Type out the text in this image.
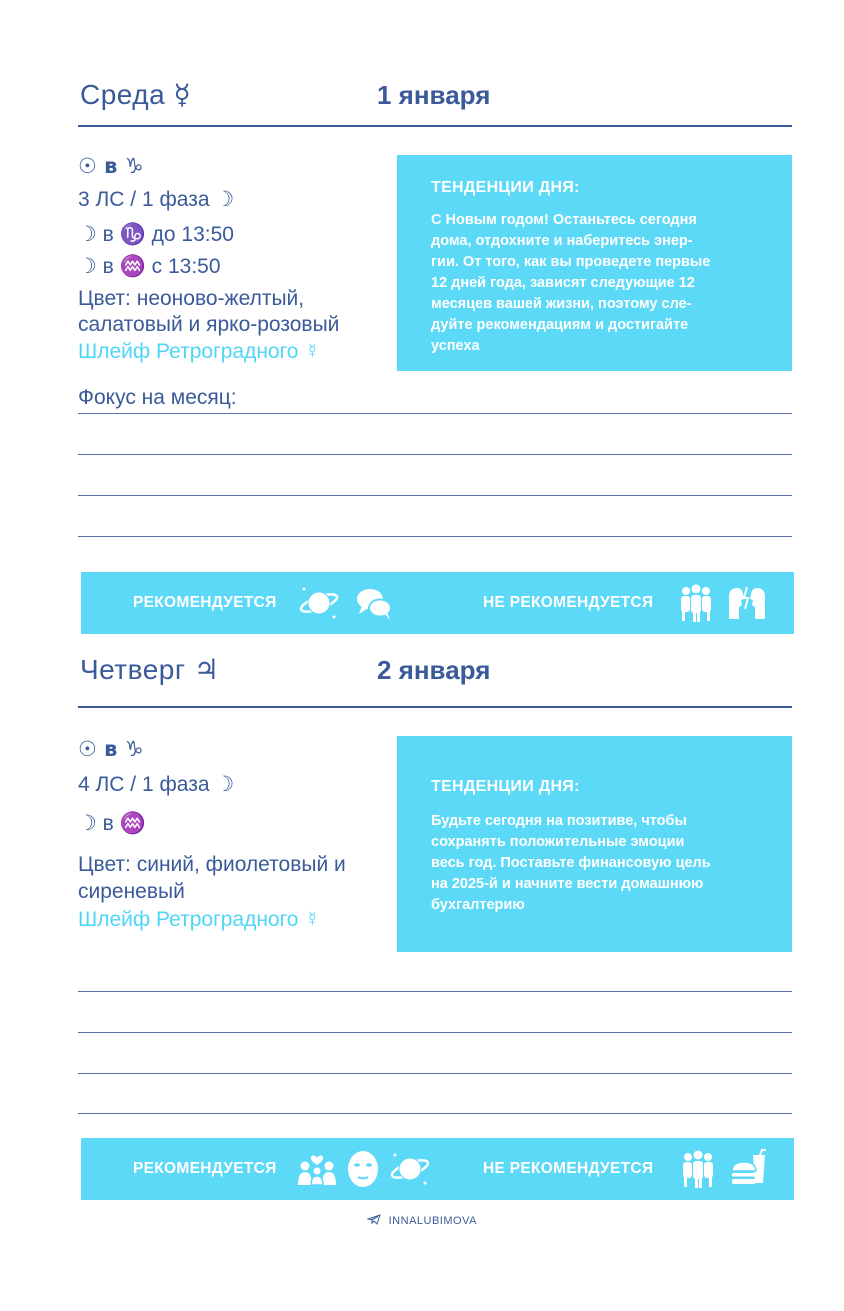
Среда ☿	1 января
☉ в ♑
3 ЛС / 1 фаза ☽
☽ в ♑ до 13:50
☽ в ♒ с 13:50
Цвет: неоново-желтый,
салатовый и ярко-розовый
Шлейф Ретроградного ☿
Фокус на месяц:
ТЕНДЕНЦИИ ДНЯ:
С Новым годом! Останьтесь сегодня
дома, отдохните и наберитесь энер-
гии. От того, как вы проведете первые
12 дней года, зависят следующие 12
месяцев вашей жизни, поэтому сле-
дуйте рекомендациям и достигайте
успеха
РЕКОМЕНДУЕТСЯ	НЕ РЕКОМЕНДУЕТСЯ
Четверг ♃	2 января
☉ в ♑
4 ЛС / 1 фаза ☽
☽ в ♒
Цвет: синий, фиолетовый и
сиреневый
Шлейф Ретроградного ☿
ТЕНДЕНЦИИ ДНЯ:
Будьте сегодня на позитиве, чтобы
сохранять положительные эмоции
весь год. Поставьте финансовую цель
на 2025-й и начните вести домашнюю
бухгалтерию
РЕКОМЕНДУЕТСЯ	НЕ РЕКОМЕНДУЕТСЯ
INNALUBIMOVA
